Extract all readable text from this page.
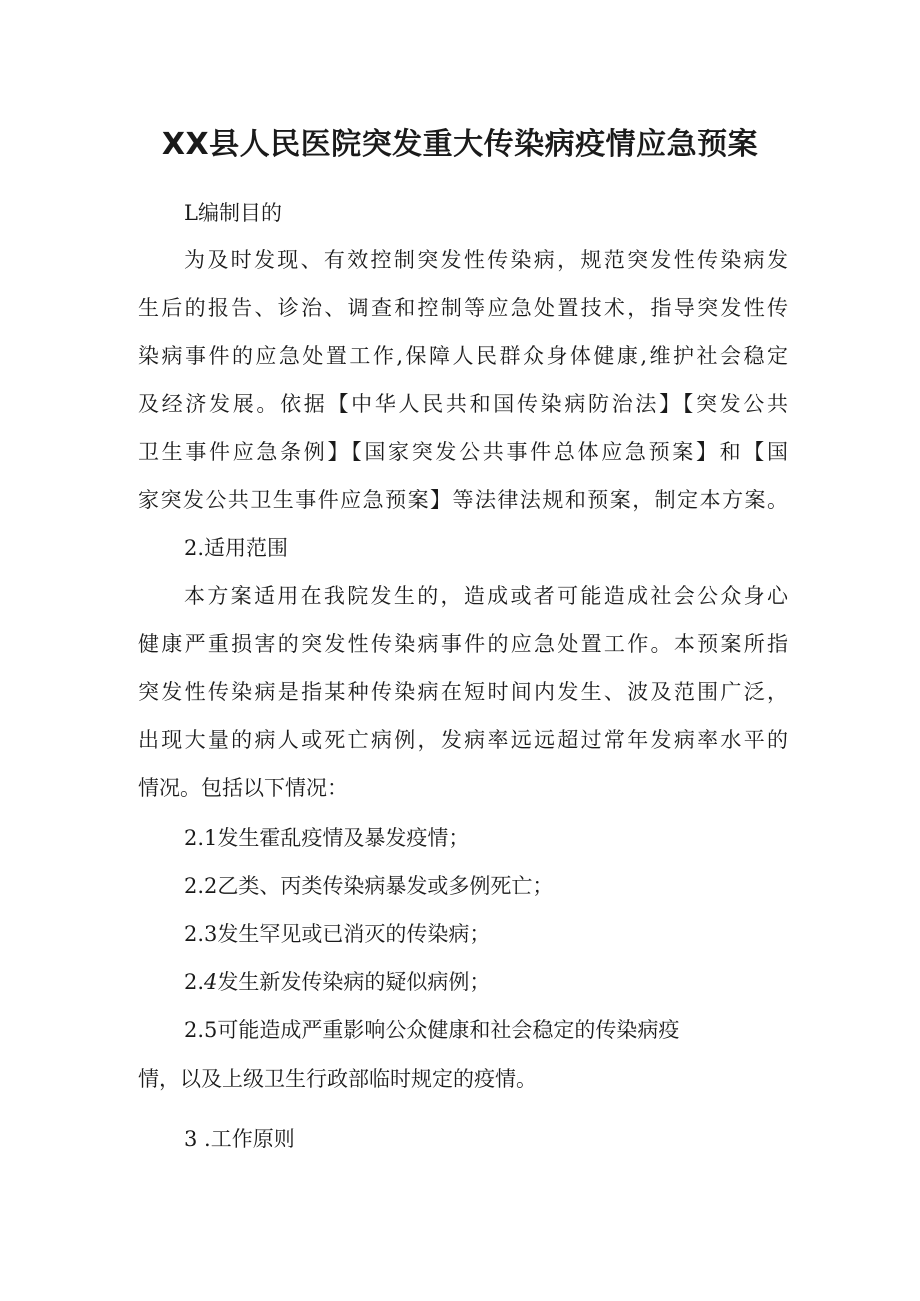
XX县人民医院突发重大传染病疫情应急预案
L编制目的
为及时发现、有效控制突发性传染病，规范突发性传染病发
生后的报告、诊治、调查和控制等应急处置技术，指导突发性传
染病事件的应急处置工作,保障人民群众身体健康,维护社会稳定
及经济发展。依据【中华人民共和国传染病防治法】【突发公共
卫生事件应急条例】【国家突发公共事件总体应急预案】和【国
家突发公共卫生事件应急预案】等法律法规和预案，制定本方案。
2.适用范围
本方案适用在我院发生的，造成或者可能造成社会公众身心
健康严重损害的突发性传染病事件的应急处置工作。本预案所指
突发性传染病是指某种传染病在短时间内发生、波及范围广泛，
出现大量的病人或死亡病例，发病率远远超过常年发病率水平的
情况。包括以下情况：
2.1发生霍乱疫情及暴发疫情；
2.2乙类、丙类传染病暴发或多例死亡；
2.3发生罕见或已消灭的传染病；
2.4发生新发传染病的疑似病例；
2.5可能造成严重影响公众健康和社会稳定的传染病疫
情，以及上级卫生行政部临时规定的疫情。
3 .工作原则
